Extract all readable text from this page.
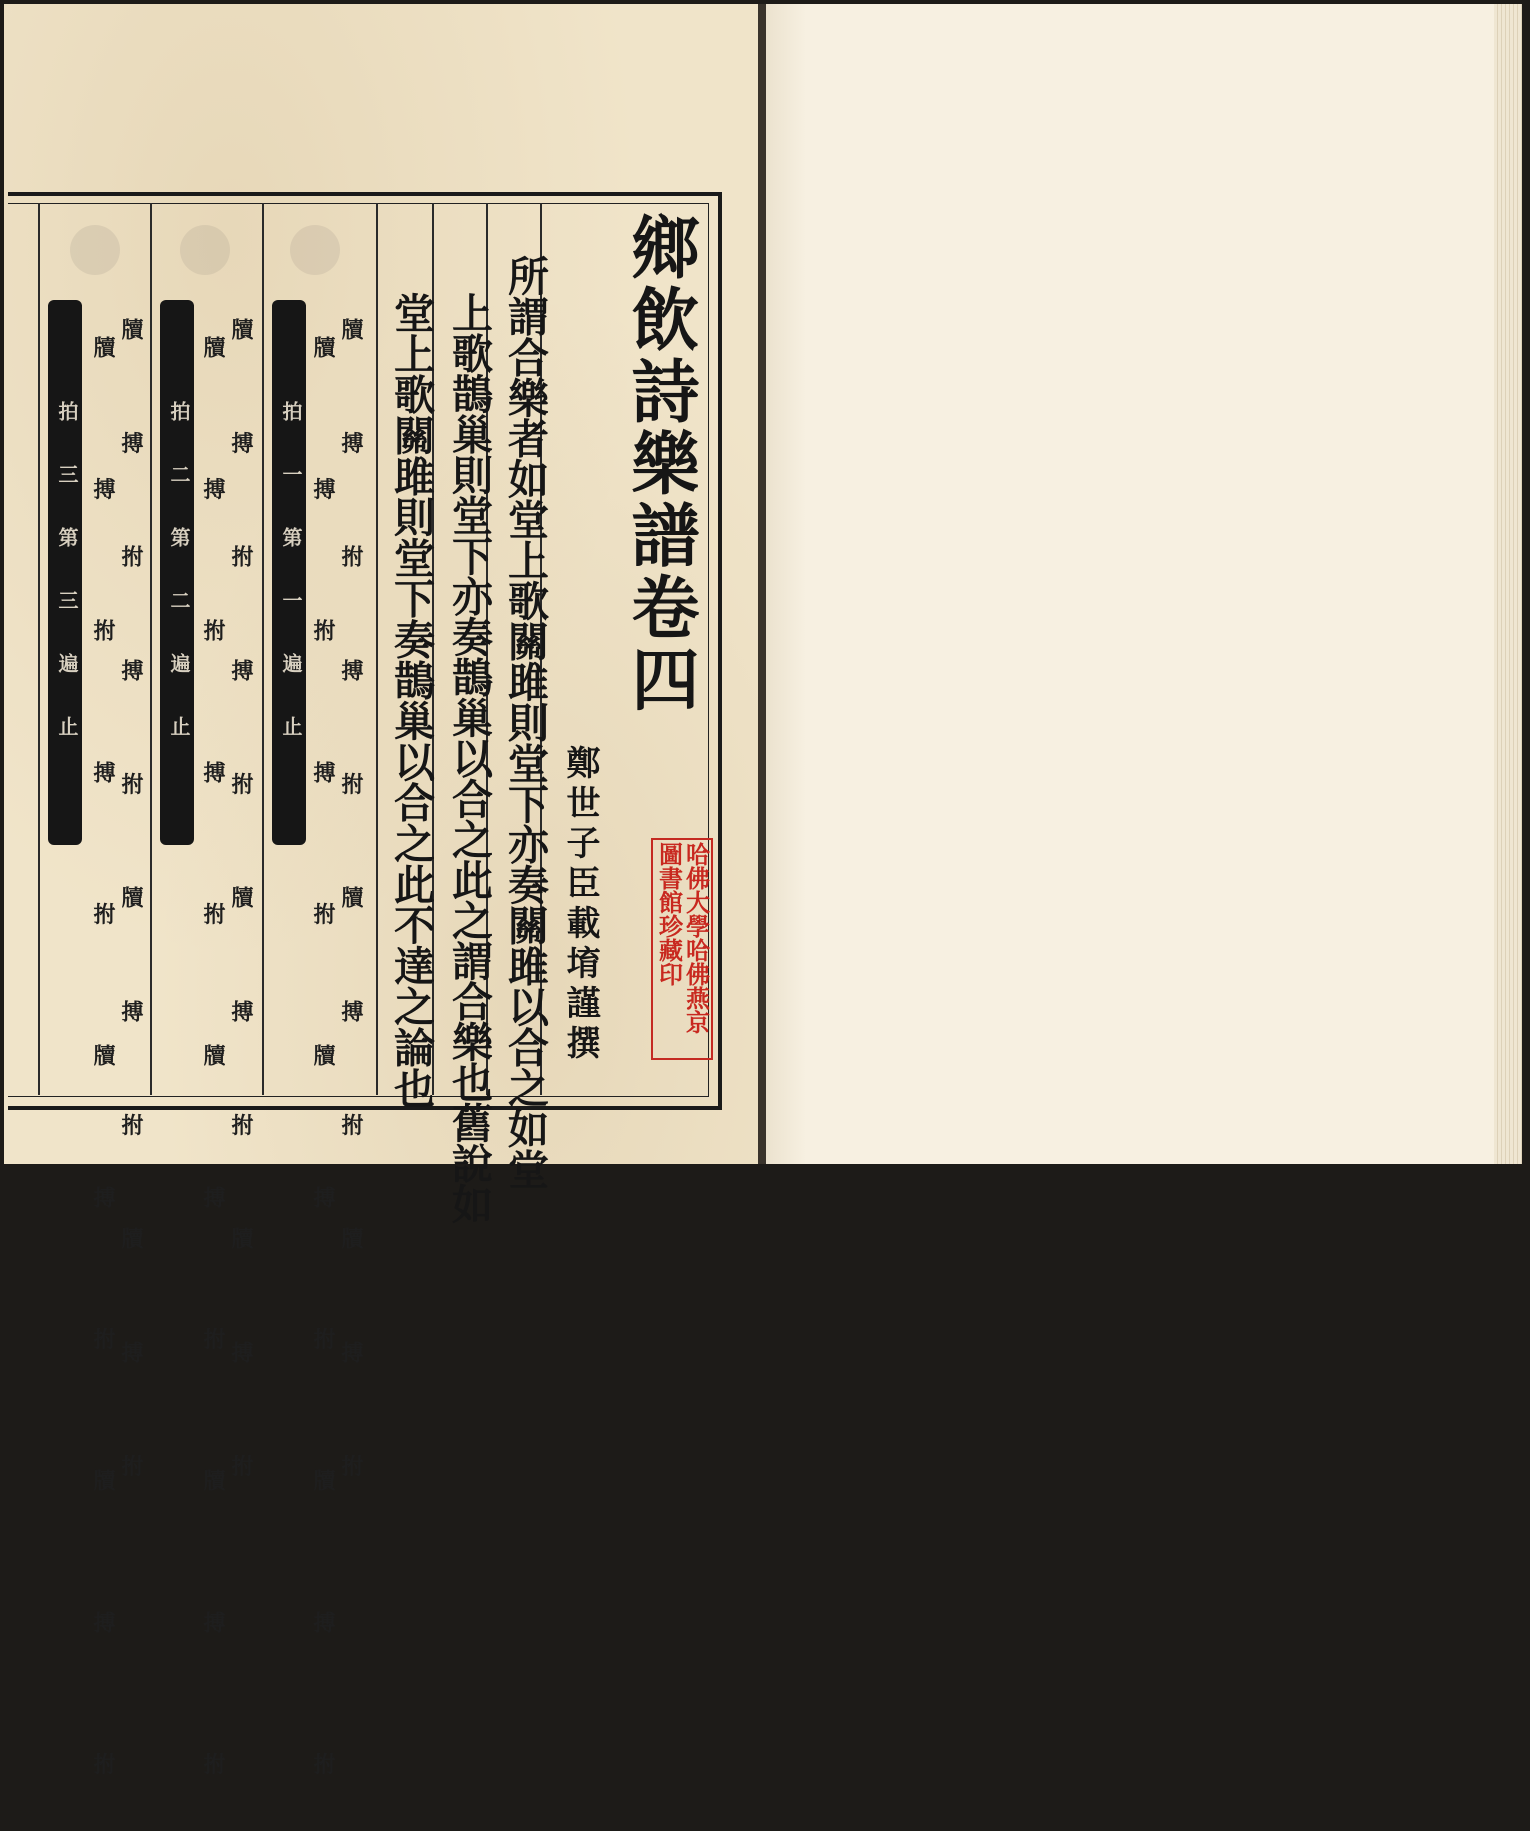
鄉飲詩樂譜卷四
鄭世子臣載堉謹撰
所謂合樂者如堂上歌關雎則堂下亦奏關雎以合之如堂
上歌鵲巢則堂下亦奏鵲巢以合之此之謂合樂也舊說如
堂上歌關雎則堂下奏鵲巢以合之此不達之論也
牘 搏 拊 搏 拊 牘 搏 拊 牘 搏 拊
牘 搏 拊 搏 拊 牘 搏 拊 牘 搏 拊
牘 搏 拊 搏 拊 牘 搏 拊 牘 搏 拊
牘 搏 拊 搏 拊 牘 搏 拊 牘 搏 拊
牘 搏 拊 搏 拊 牘 搏 拊 牘 搏 拊
牘 搏 拊 搏 拊 牘 搏 拊 牘 搏 拊	拍 一 第 一 遍 止
拍 二 第 二 遍 止
拍 三 第 三 遍 止
哈佛大學哈佛燕京
圖書館珍藏印
